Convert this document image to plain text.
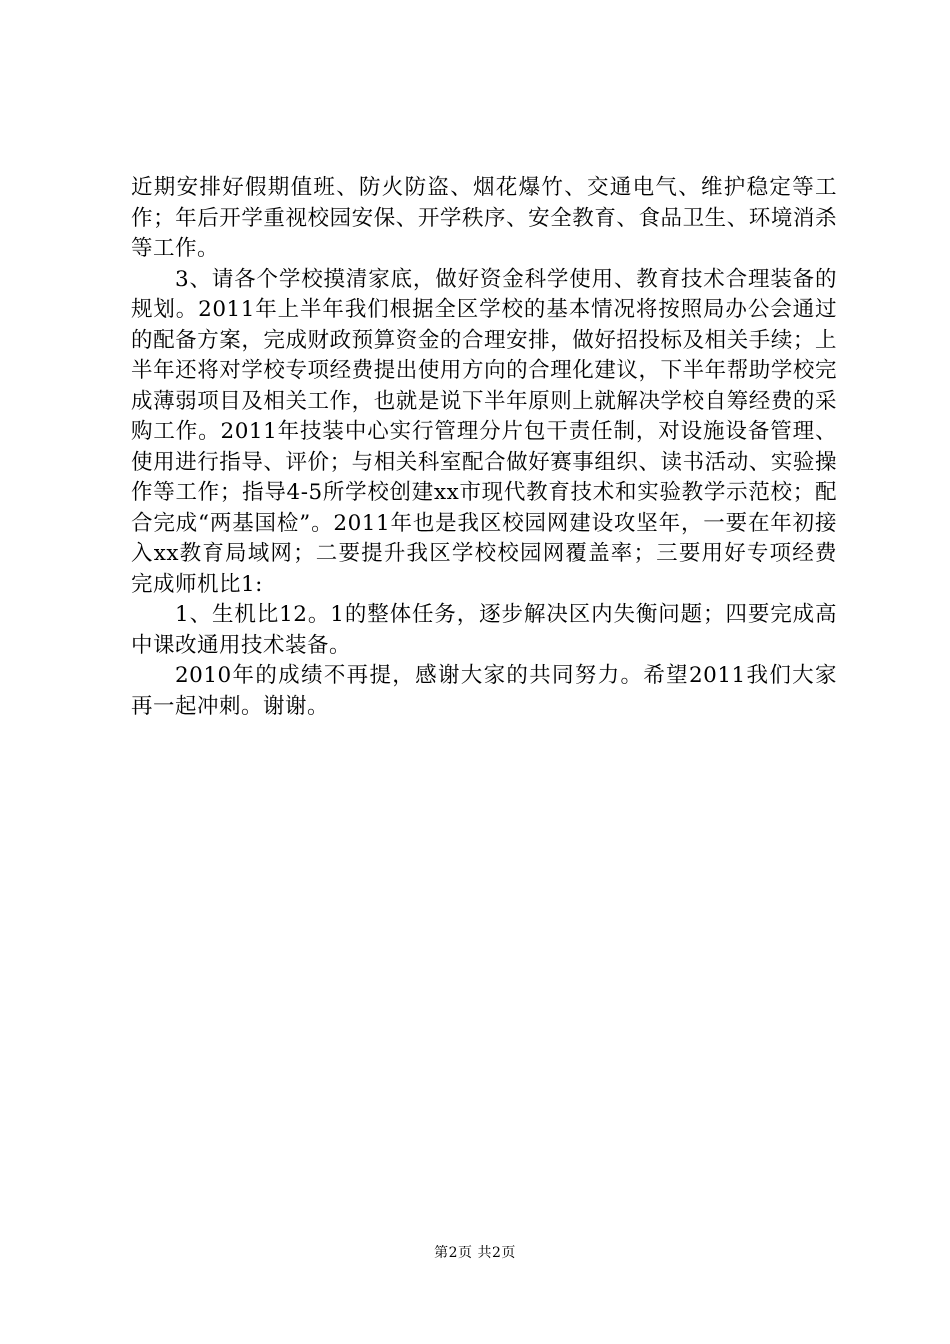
近期安排好假期值班、防火防盗、烟花爆竹、交通电气、维护稳定等工作；年后开学重视校园安保、开学秩序、安全教育、食品卫生、环境消杀等工作。

3、请各个学校摸清家底，做好资金科学使用、教育技术合理装备的规划。2011年上半年我们根据全区学校的基本情况将按照局办公会通过的配备方案，完成财政预算资金的合理安排，做好招投标及相关手续；上半年还将对学校专项经费提出使用方向的合理化建议，下半年帮助学校完成薄弱项目及相关工作，也就是说下半年原则上就解决学校自筹经费的采购工作。2011年技装中心实行管理分片包干责任制，对设施设备管理、使用进行指导、评价；与相关科室配合做好赛事组织、读书活动、实验操作等工作；指导4-5所学校创建xx市现代教育技术和实验教学示范校；配合完成“两基国检”。2011年也是我区校园网建设攻坚年，一要在年初接入xx教育局域网；二要提升我区学校校园网覆盖率；三要用好专项经费完成师机比1:

1、生机比12。1的整体任务，逐步解决区内失衡问题；四要完成高中课改通用技术装备。

2010年的成绩不再提，感谢大家的共同努力。希望2011我们大家再一起冲刺。谢谢。

第2页 共2页
